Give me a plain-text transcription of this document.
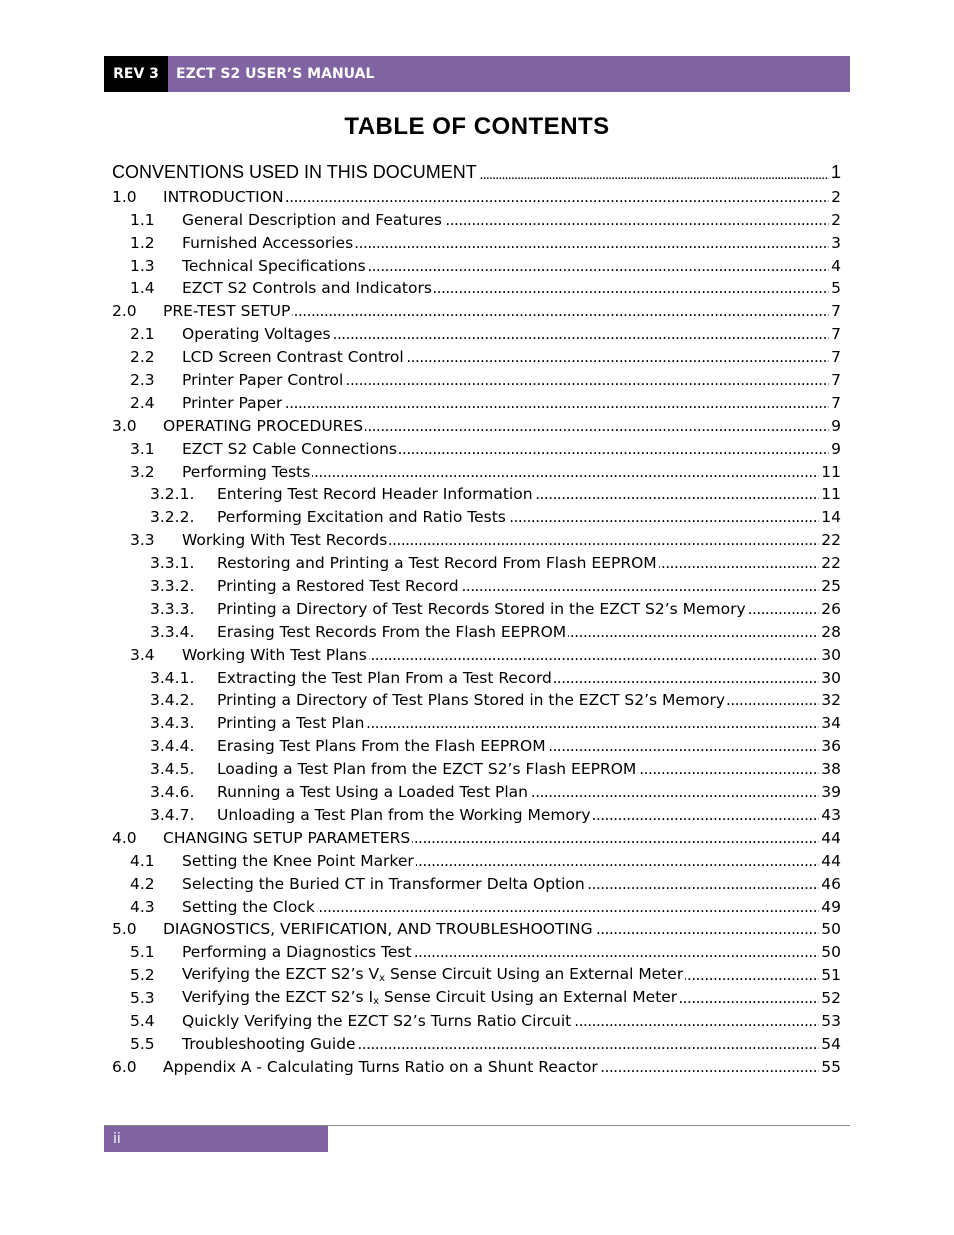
REV 3	EZCT S2 USER’S MANUAL
TABLE OF CONTENTS
CONVENTIONS USED IN THIS DOCUMENT . . .	1
1.0	INTRODUCTION . . .	2
1.1	General Description and Features . . .	2
1.2	Furnished Accessories . . .	3
1.3	Technical Specifications . . .	4
1.4	EZCT S2 Controls and Indicators . . .	5
2.0	PRE-TEST SETUP . . .	7
2.1	Operating Voltages . . .	7
2.2	LCD Screen Contrast Control . . .	7
2.3	Printer Paper Control . . .	7
2.4	Printer Paper . . .	7
3.0	OPERATING PROCEDURES . . .	9
3.1	EZCT S2 Cable Connections . . .	9
3.2	Performing Tests . . .	11
3.2.1.	Entering Test Record Header Information . . .	11
3.2.2.	Performing Excitation and Ratio Tests . . .	14
3.3	Working With Test Records . . .	22
3.3.1.	Restoring and Printing a Test Record From Flash EEPROM . . .	22
3.3.2.	Printing a Restored Test Record . . .	25
3.3.3.	Printing a Directory of Test Records Stored in the EZCT S2’s Memory . . .	26
3.3.4.	Erasing Test Records From the Flash EEPROM . . .	28
3.4	Working With Test Plans . . .	30
3.4.1.	Extracting the Test Plan From a Test Record . . .	30
3.4.2.	Printing a Directory of Test Plans Stored in the EZCT S2’s Memory . . .	32
3.4.3.	Printing a Test Plan . . .	34
3.4.4.	Erasing Test Plans From the Flash EEPROM . . .	36
3.4.5.	Loading a Test Plan from the EZCT S2’s Flash EEPROM . . .	38
3.4.6.	Running a Test Using a Loaded Test Plan . . .	39
3.4.7.	Unloading a Test Plan from the Working Memory . . .	43
4.0	CHANGING SETUP PARAMETERS . . .	44
4.1	Setting the Knee Point Marker . . .	44
4.2	Selecting the Buried CT in Transformer Delta Option . . .	46
4.3	Setting the Clock . . .	49
5.0	DIAGNOSTICS, VERIFICATION, AND TROUBLESHOOTING . . .	50
5.1	Performing a Diagnostics Test . . .	50
5.2	Verifying the EZCT S2’s $V_x$ Sense Circuit Using an External Meter . . .	51
5.3	Verifying the EZCT S2’s $I_x$ Sense Circuit Using an External Meter . . .	52
5.4	Quickly Verifying the EZCT S2’s Turns Ratio Circuit . . .	53
5.5	Troubleshooting Guide . . .	54
6.0	Appendix A - Calculating Turns Ratio on a Shunt Reactor . . .	55
ii
